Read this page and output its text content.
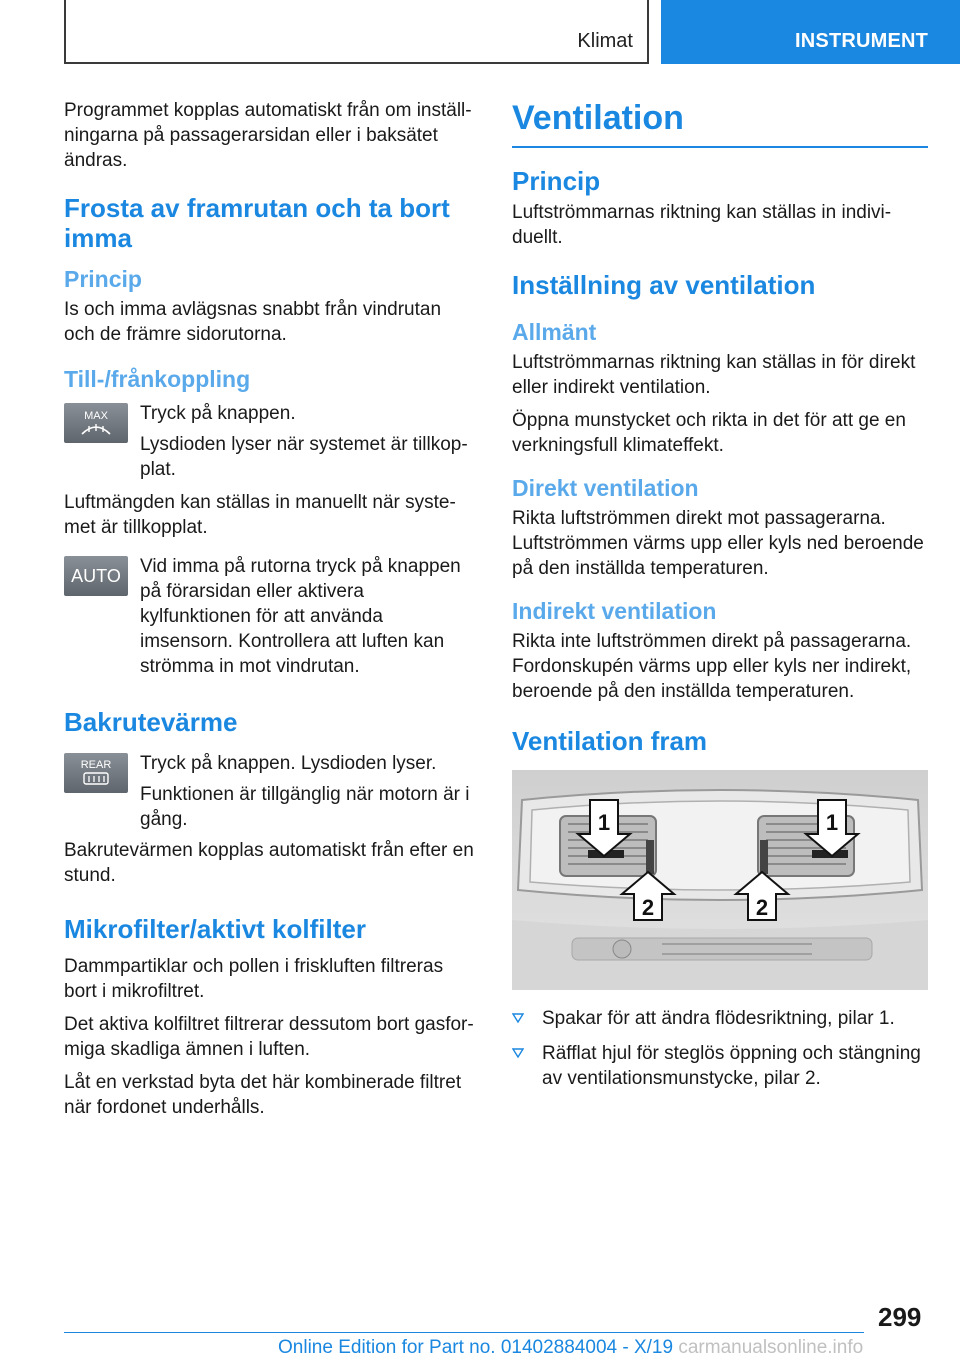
Klimat	INSTRUMENT

Programmet kopplas automatiskt från om inställningarna på passagerarsidan eller i baksätet ändras.

Frosta av framrutan och ta bort imma
Princip

Is och imma avlägsnas snabbt från vindrutan och de främre sidorutorna.

Till-/frånkoppling
MAX Tryck på knappen.

Lysdioden lyser när systemet är tillkopplat.

Luftmängden kan ställas in manuellt när systemet är tillkopplat.

AUTO Vid imma på rutorna tryck på knappen på förarsidan eller aktivera kylfunktionen för att använda imsensorn. Kontrollera att luften kan strömma in mot vindrutan.

Bakrutevärme
REAR Tryck på knappen. Lysdioden lyser.

Funktionen är tillgänglig när motorn är i gång.

Bakrutevärmen kopplas automatiskt från efter en stund.

Mikrofilter/aktivt kolfilter

Dammpartiklar och pollen i friskluften filtreras bort i mikrofiltret.

Det aktiva kolfiltret filtrerar dessutom bort gasformiga skadliga ämnen i luften.

Låt en verkstad byta det här kombinerade filtret när fordonet underhålls.

Ventilation
Princip

Luftströmmarnas riktning kan ställas in individuellt.

Inställning av ventilation
Allmänt

Luftströmmarnas riktning kan ställas in för direkt eller indirekt ventilation.

Öppna munstycket och rikta in det för att ge en verkningsfull klimateffekt.

Direkt ventilation

Rikta luftströmmen direkt mot passagerarna. Luftströmmen värms upp eller kyls ned beroende på den inställda temperaturen.

Indirekt ventilation

Rikta inte luftströmmen direkt på passagerarna. Fordonskupén värms upp eller kyls ner indirekt, beroende på den inställda temperaturen.

Ventilation fram
1	1
2	2
Spakar för att ändra flödesriktning, pilar 1.
Räfflat hjul för steglös öppning och stängning av ventilationsmunstycke, pilar 2.
299
Online Edition for Part no. 01402884004 - X/19 carmanualsonline.info
